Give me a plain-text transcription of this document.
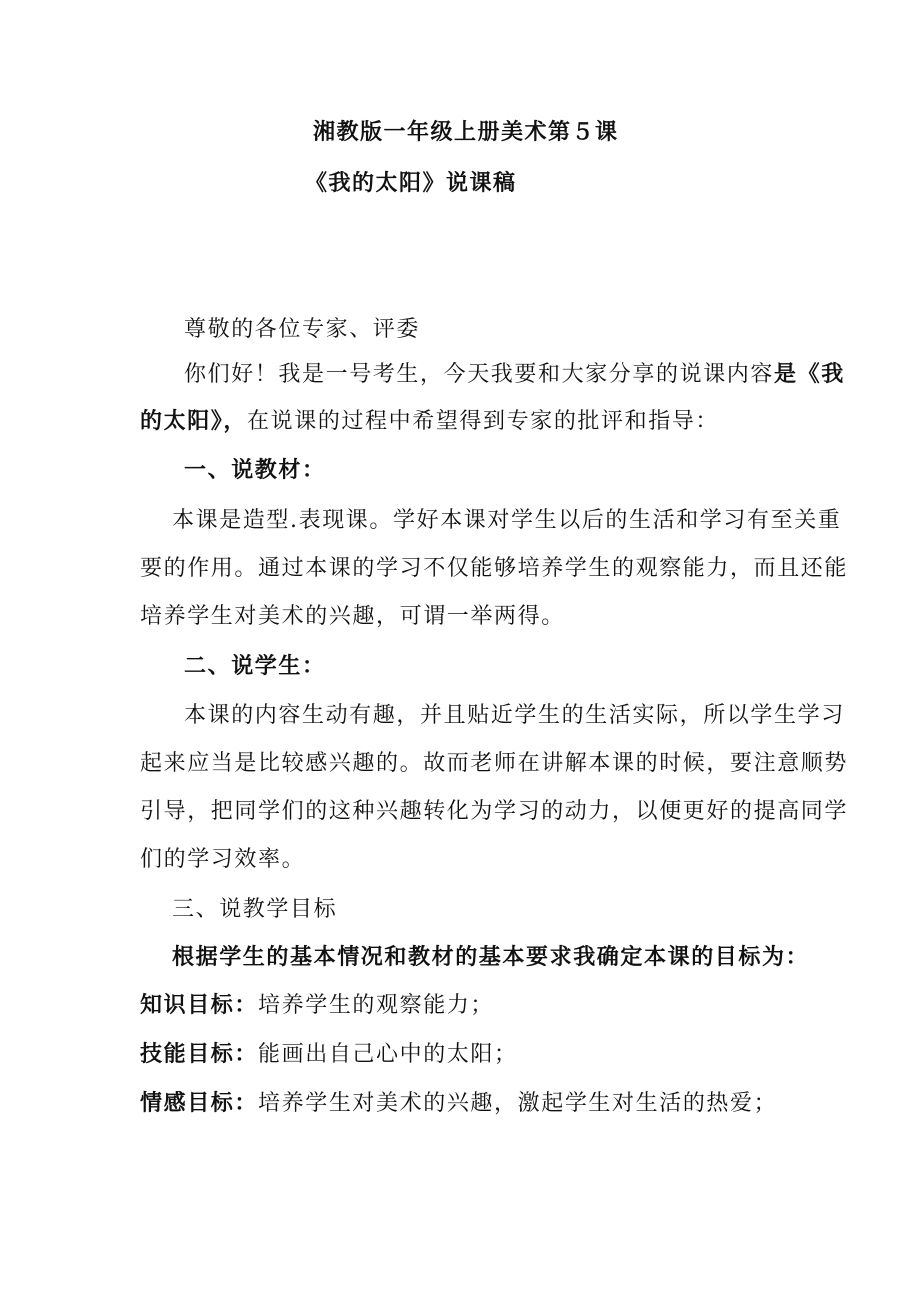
湘教版一年级上册美术第５课
《我的太阳》说课稿
尊敬的各位专家、评委
你们好！我是一号考生，今天我要和大家分享的说课内容是《我
的太阳》，在说课的过程中希望得到专家的批评和指导：
一、说教材：
本课是造型.表现课。学好本课对学生以后的生活和学习有至关重
要的作用。通过本课的学习不仅能够培养学生的观察能力，而且还能
培养学生对美术的兴趣，可谓一举两得。
二、说学生：
本课的内容生动有趣，并且贴近学生的生活实际，所以学生学习
起来应当是比较感兴趣的。故而老师在讲解本课的时候，要注意顺势
引导，把同学们的这种兴趣转化为学习的动力，以便更好的提高同学
们的学习效率。
三、说教学目标
根据学生的基本情况和教材的基本要求我确定本课的目标为：
知识目标：培养学生的观察能力；
技能目标：能画出自己心中的太阳；
情感目标：培养学生对美术的兴趣，激起学生对生活的热爱；
